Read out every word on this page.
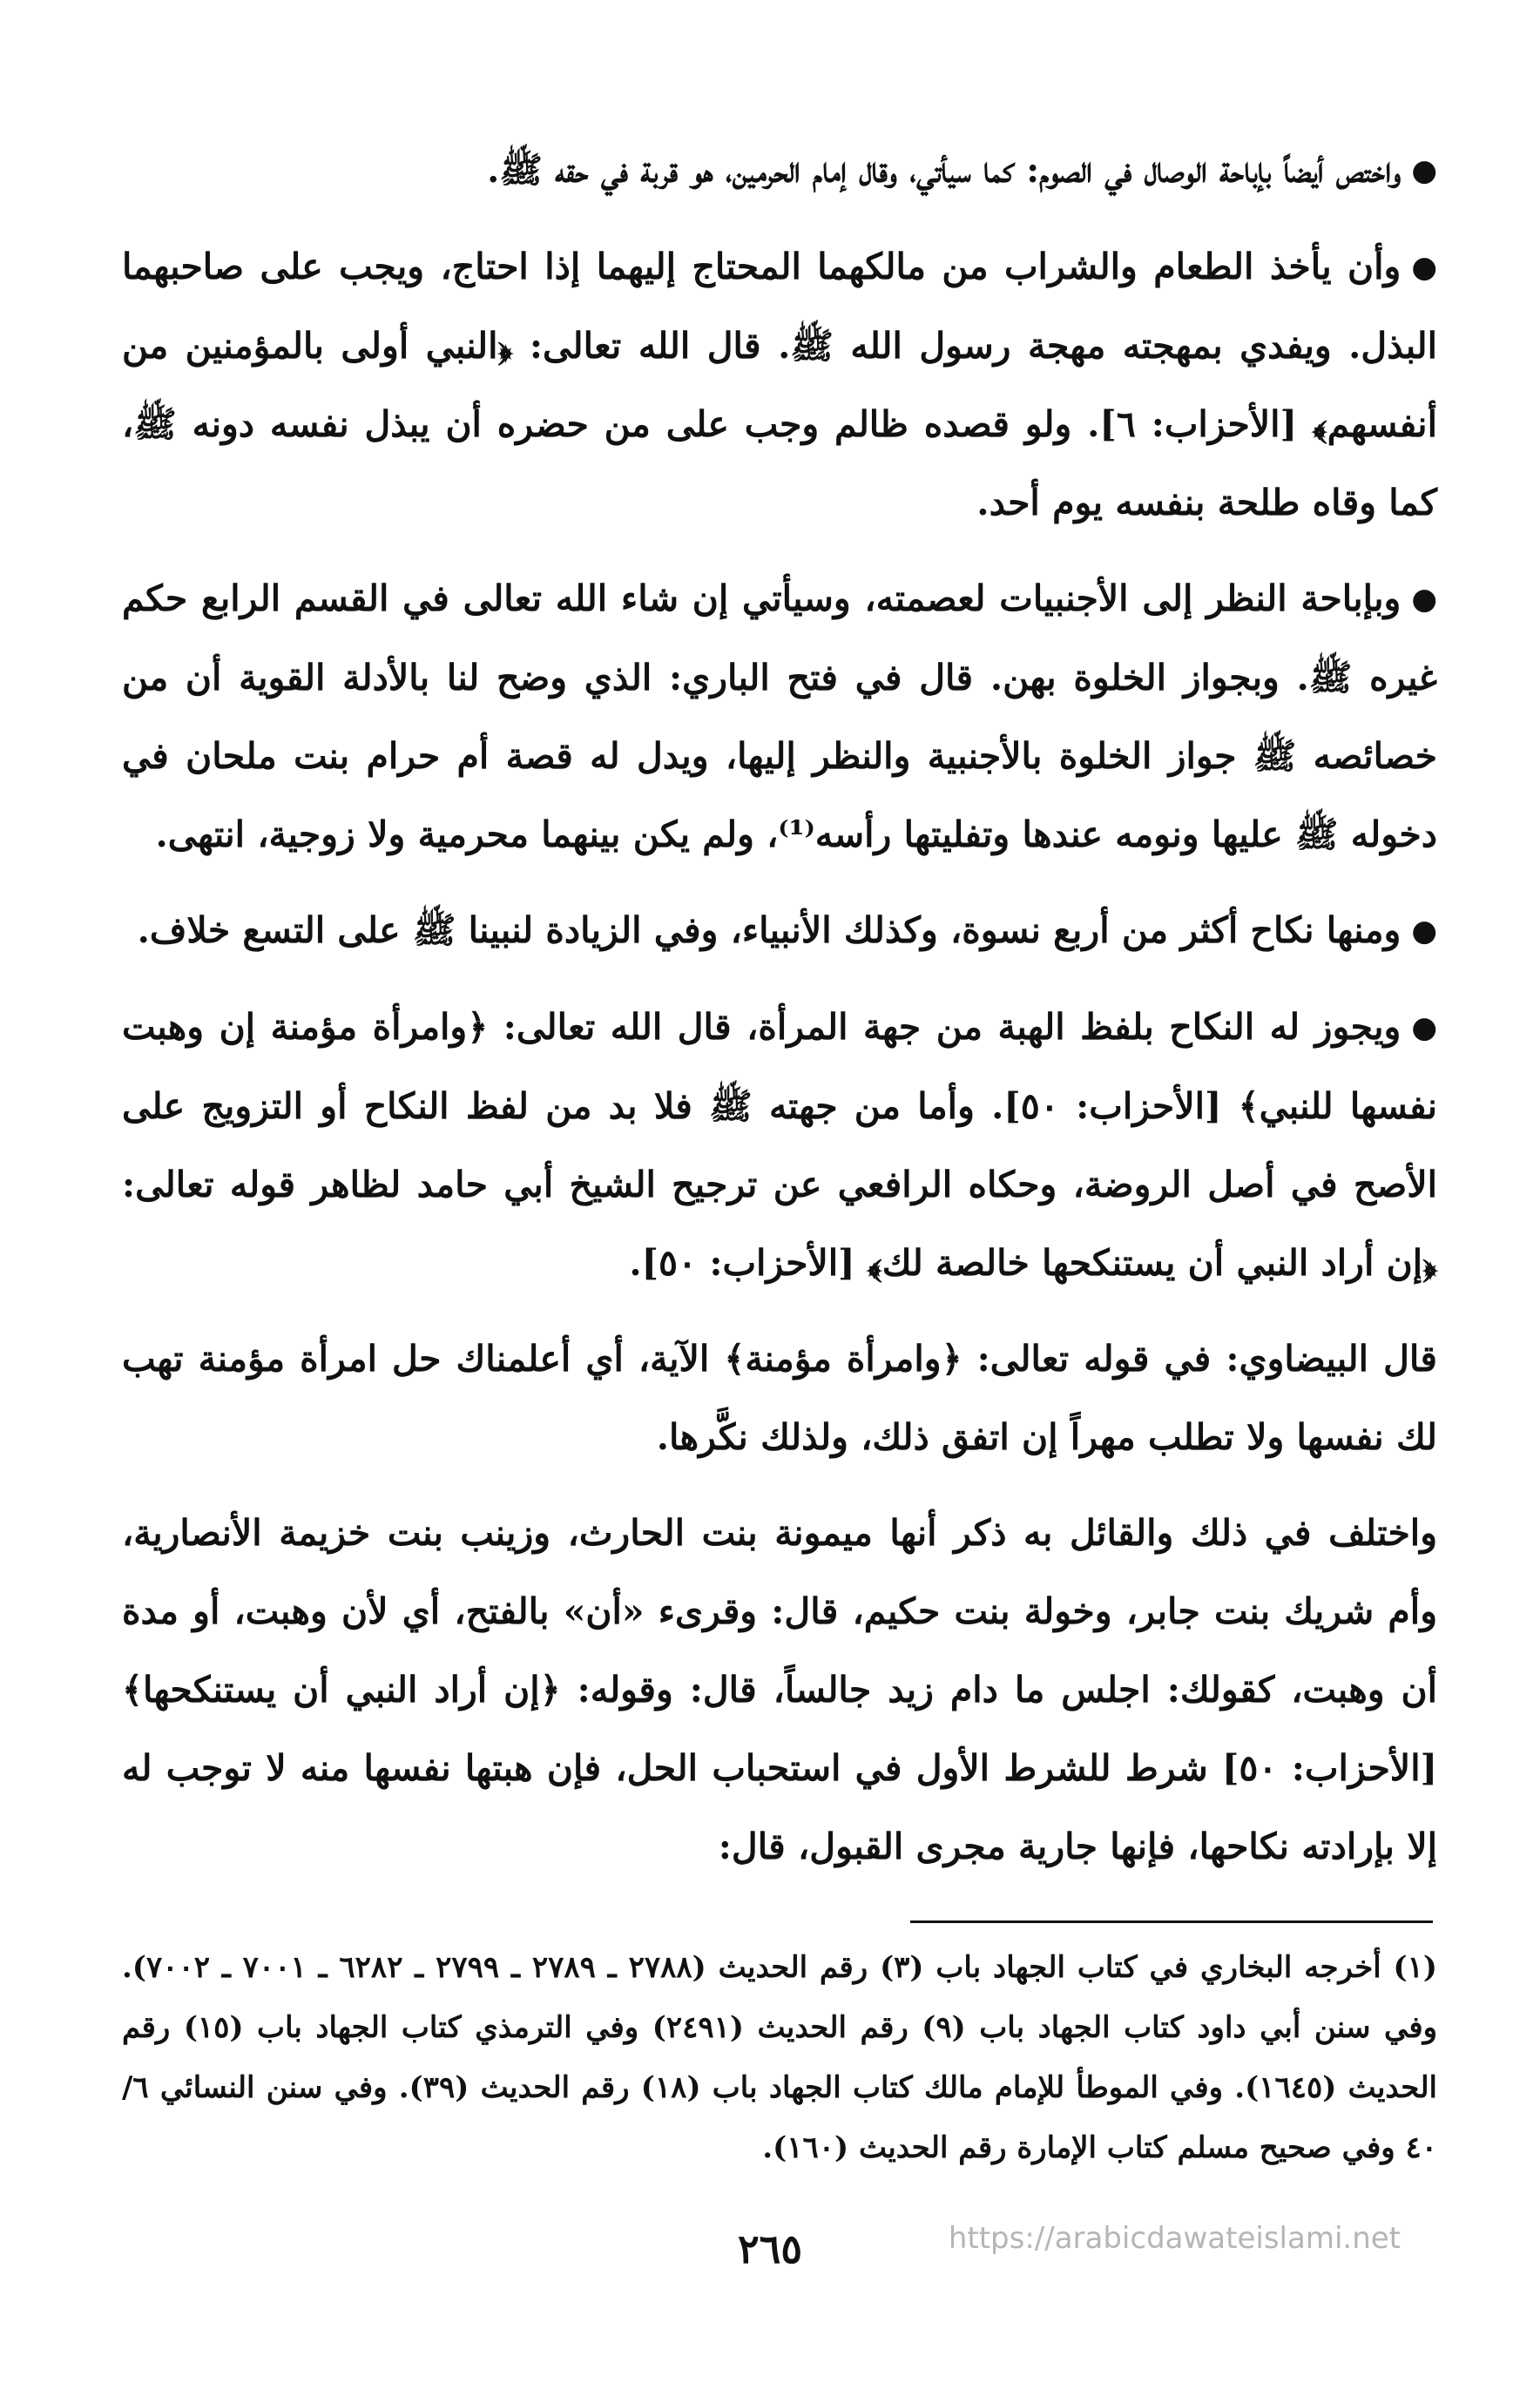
●واختص أيضاً بإباحة الوصال في الصوم: كما سيأتي، وقال إمام الحرمين، هو قربة في حقه ﷺ.

●وأن يأخذ الطعام والشراب من مالكهما المحتاج إليهما إذا احتاج، ويجب على صاحبهما البذل. ويفدي بمهجته مهجة رسول الله ﷺ. قال الله تعالى: ﴿النبي أولى بالمؤمنين من أنفسهم﴾ [الأحزاب: ٦]. ولو قصده ظالم وجب على من حضره أن يبذل نفسه دونه ﷺ، كما وقاه طلحة بنفسه يوم أحد.

●وبإباحة النظر إلى الأجنبيات لعصمته، وسيأتي إن شاء الله تعالى في القسم الرابع حكم غيره ﷺ. وبجواز الخلوة بهن. قال في فتح الباري: الذي وضح لنا بالأدلة القوية أن من خصائصه ﷺ جواز الخلوة بالأجنبية والنظر إليها، ويدل له قصة أم حرام بنت ملحان في دخوله ﷺ عليها ونومه عندها وتفليتها رأسه⁽¹⁾، ولم يكن بينهما محرمية ولا زوجية، انتهى.

●ومنها نكاح أكثر من أربع نسوة، وكذلك الأنبياء، وفي الزيادة لنبينا ﷺ على التسع خلاف.

●ويجوز له النكاح بلفظ الهبة من جهة المرأة، قال الله تعالى: ﴿وامرأة مؤمنة إن وهبت نفسها للنبي﴾ [الأحزاب: ٥٠]. وأما من جهته ﷺ فلا بد من لفظ النكاح أو التزويج على الأصح في أصل الروضة، وحكاه الرافعي عن ترجيح الشيخ أبي حامد لظاهر قوله تعالى: ﴿إن أراد النبي أن يستنكحها خالصة لك﴾ [الأحزاب: ٥٠].

قال البيضاوي: في قوله تعالى: ﴿وامرأة مؤمنة﴾ الآية، أي أعلمناك حل امرأة مؤمنة تهب لك نفسها ولا تطلب مهراً إن اتفق ذلك، ولذلك نكَّرها.

واختلف في ذلك والقائل به ذكر أنها ميمونة بنت الحارث، وزينب بنت خزيمة الأنصارية، وأم شريك بنت جابر، وخولة بنت حكيم، قال: وقرىء «أن» بالفتح، أي لأن وهبت، أو مدة أن وهبت، كقولك: اجلس ما دام زيد جالساً، قال: وقوله: ﴿إن أراد النبي أن يستنكحها﴾ [الأحزاب: ٥٠] شرط للشرط الأول في استحباب الحل، فإن هبتها نفسها منه لا توجب له إلا بإرادته نكاحها، فإنها جارية مجرى القبول، قال:

(١) أخرجه البخاري في كتاب الجهاد باب (٣) رقم الحديث (٢٧٨٨ ـ ٢٧٨٩ ـ ٢٧٩٩ ـ ٦٢٨٢ ـ ٧٠٠١ ـ ٧٠٠٢). وفي سنن أبي داود كتاب الجهاد باب (٩) رقم الحديث (٢٤٩١) وفي الترمذي كتاب الجهاد باب (١٥) رقم الحديث (١٦٤٥). وفي الموطأ للإمام مالك كتاب الجهاد باب (١٨) رقم الحديث (٣٩). وفي سنن النسائي ٦/ ٤٠ وفي صحيح مسلم كتاب الإمارة رقم الحديث (١٦٠).

٢٦٥	https://arabicdawateislami.net
